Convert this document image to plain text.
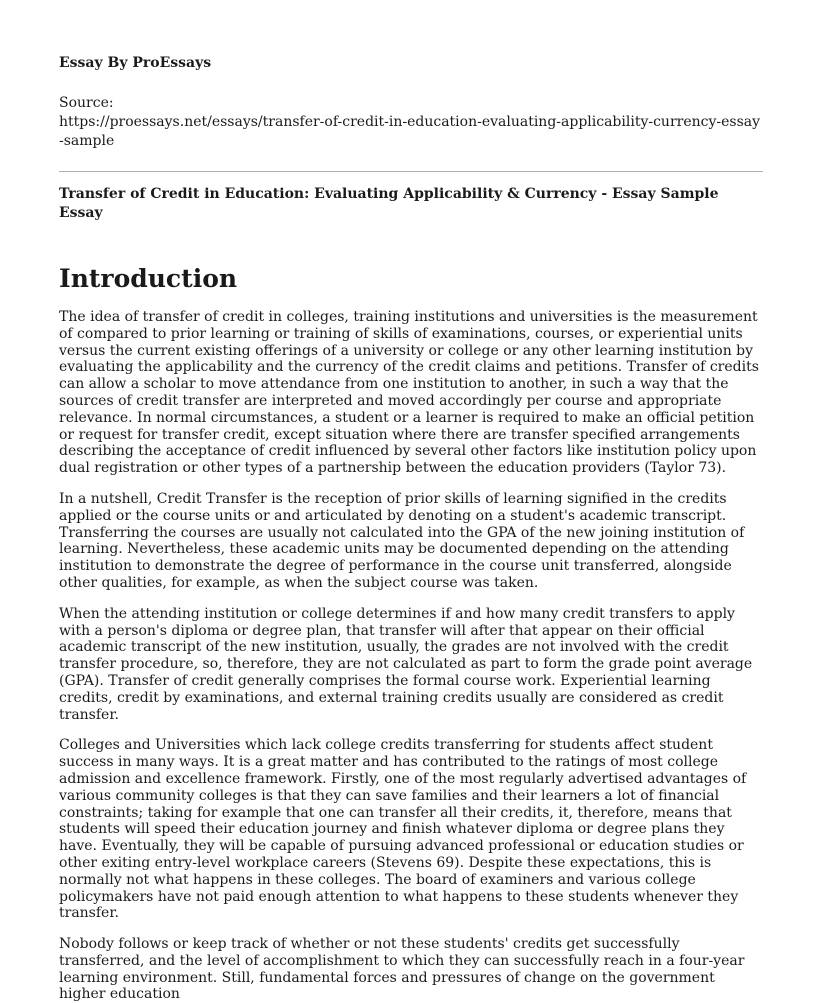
Essay By ProEssays

Source:
https://proessays.net/essays/transfer-of-credit-in-education-evaluating-applicability-currency-essay-sample

Transfer of Credit in Education: Evaluating Applicability & Currency - Essay Sample Essay

Introduction

The idea of transfer of credit in colleges, training institutions and universities is the measurement of compared to prior learning or training of skills of examinations, courses, or experiential units versus the current existing offerings of a university or college or any other learning institution by evaluating the applicability and the currency of the credit claims and petitions. Transfer of credits can allow a scholar to move attendance from one institution to another, in such a way that the sources of credit transfer are interpreted and moved accordingly per course and appropriate relevance. In normal circumstances, a student or a learner is required to make an official petition or request for transfer credit, except situation where there are transfer specified arrangements describing the acceptance of credit influenced by several other factors like institution policy upon dual registration or other types of a partnership between the education providers (Taylor 73).

In a nutshell, Credit Transfer is the reception of prior skills of learning signified in the credits applied or the course units or and articulated by denoting on a student's academic transcript. Transferring the courses are usually not calculated into the GPA of the new joining institution of learning. Nevertheless, these academic units may be documented depending on the attending institution to demonstrate the degree of performance in the course unit transferred, alongside other qualities, for example, as when the subject course was taken.

When the attending institution or college determines if and how many credit transfers to apply with a person's diploma or degree plan, that transfer will after that appear on their official academic transcript of the new institution, usually, the grades are not involved with the credit transfer procedure, so, therefore, they are not calculated as part to form the grade point average (GPA). Transfer of credit generally comprises the formal course work. Experiential learning credits, credit by examinations, and external training credits usually are considered as credit transfer.

Colleges and Universities which lack college credits transferring for students affect student success in many ways. It is a great matter and has contributed to the ratings of most college admission and excellence framework. Firstly, one of the most regularly advertised advantages of various community colleges is that they can save families and their learners a lot of financial constraints; taking for example that one can transfer all their credits, it, therefore, means that students will speed their education journey and finish whatever diploma or degree plans they have. Eventually, they will be capable of pursuing advanced professional or education studies or other exiting entry-level workplace careers (Stevens 69). Despite these expectations, this is normally not what happens in these colleges. The board of examiners and various college policymakers have not paid enough attention to what happens to these students whenever they transfer.

Nobody follows or keep track of whether or not these students' credits get successfully transferred, and the level of accomplishment to which they can successfully reach in a four-year learning environment. Still, fundamental forces and pressures of change on the government higher education
